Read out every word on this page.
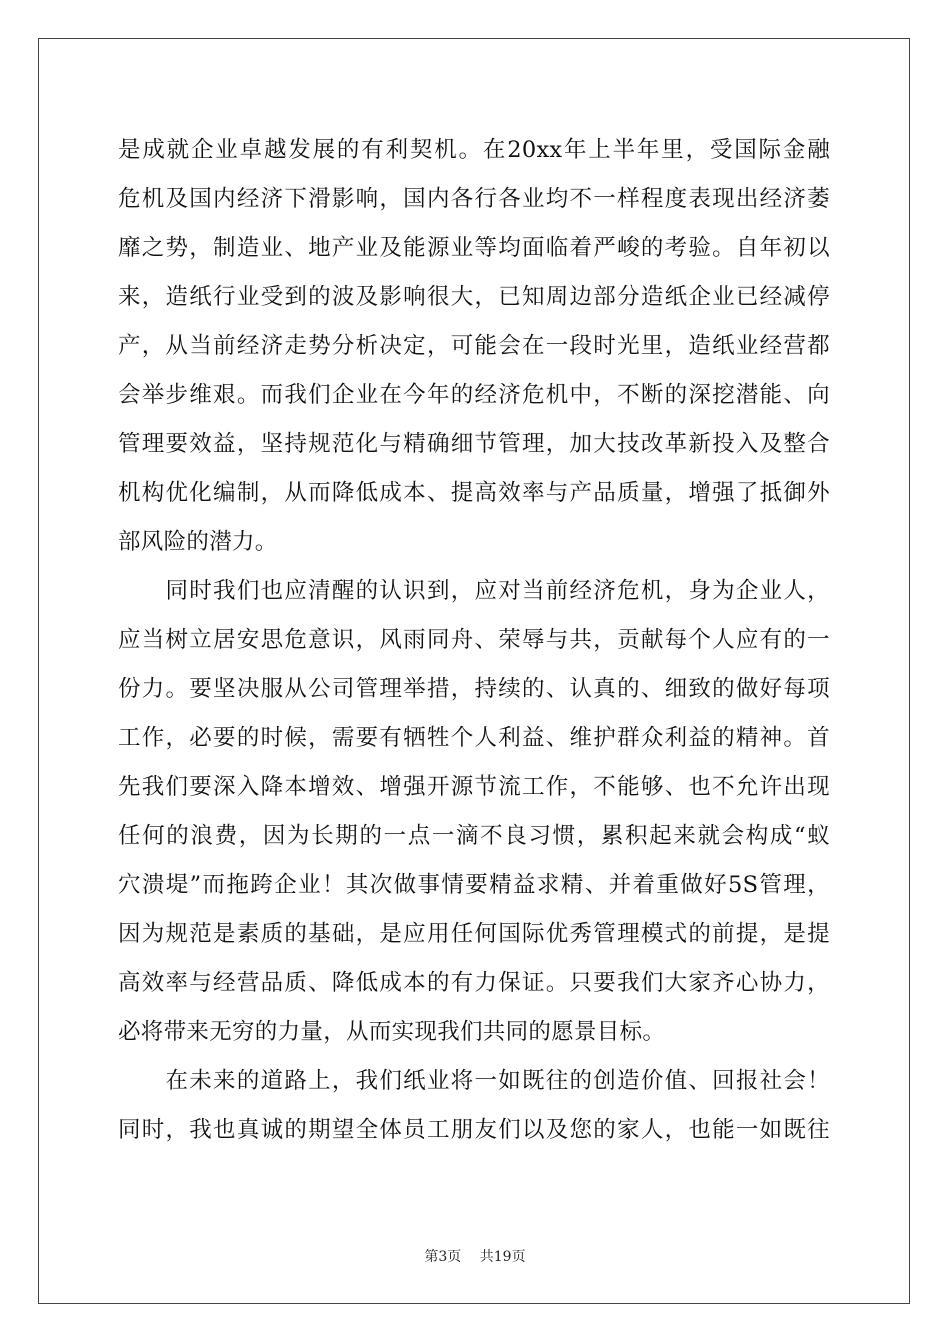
是成就企业卓越发展的有利契机。在20xx年上半年里，受国际金融
危机及国内经济下滑影响，国内各行各业均不一样程度表现出经济萎
靡之势，制造业、地产业及能源业等均面临着严峻的考验。自年初以
来，造纸行业受到的波及影响很大，已知周边部分造纸企业已经减停
产，从当前经济走势分析决定，可能会在一段时光里，造纸业经营都
会举步维艰。而我们企业在今年的经济危机中，不断的深挖潜能、向
管理要效益，坚持规范化与精确细节管理，加大技改革新投入及整合
机构优化编制，从而降低成本、提高效率与产品质量，增强了抵御外
部风险的潜力。
　　同时我们也应清醒的认识到，应对当前经济危机，身为企业人，
应当树立居安思危意识，风雨同舟、荣辱与共，贡献每个人应有的一
份力。要坚决服从公司管理举措，持续的、认真的、细致的做好每项
工作，必要的时候，需要有牺牲个人利益、维护群众利益的精神。首
先我们要深入降本增效、增强开源节流工作，不能够、也不允许出现
任何的浪费，因为长期的一点一滴不良习惯，累积起来就会构成“蚁
穴溃堤”而拖跨企业！其次做事情要精益求精、并着重做好5S管理，
因为规范是素质的基础，是应用任何国际优秀管理模式的前提，是提
高效率与经营品质、降低成本的有力保证。只要我们大家齐心协力，
必将带来无穷的力量，从而实现我们共同的愿景目标。
　　在未来的道路上，我们纸业将一如既往的创造价值、回报社会！
同时，我也真诚的期望全体员工朋友们以及您的家人，也能一如既往
第3页 共19页
